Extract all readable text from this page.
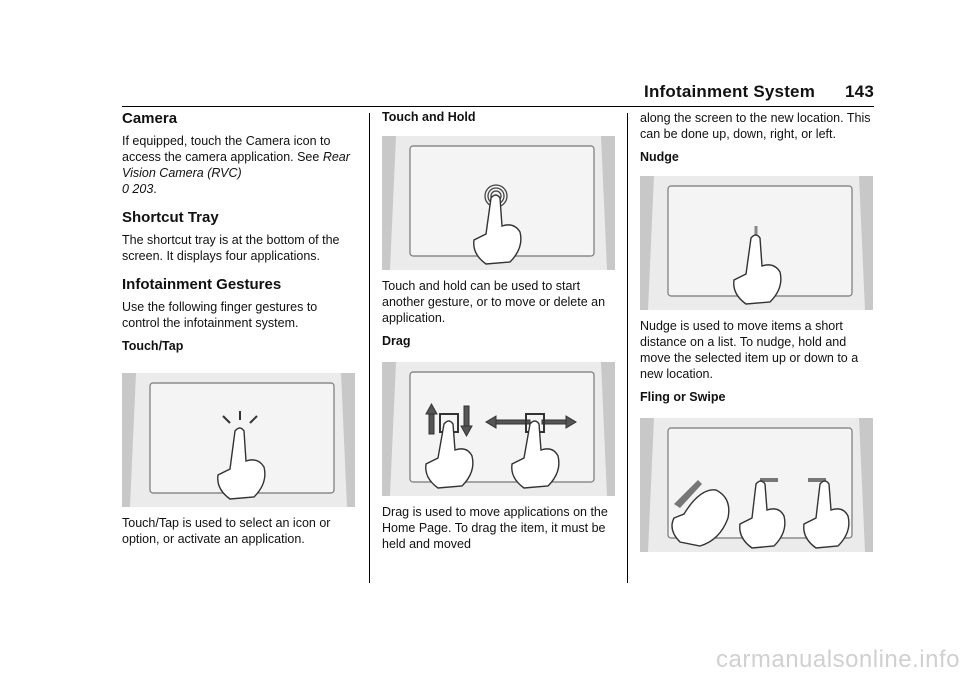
Infotainment System 143
Camera

If equipped, touch the Camera icon to access the camera application. See Rear Vision Camera (RVC)
0 203.

Shortcut Tray

The shortcut tray is at the bottom of the screen. It displays four applications.

Infotainment Gestures

Use the following finger gestures to control the infotainment system.

Touch/Tap

Touch/Tap is used to select an icon or option, or activate an application.

Touch and Hold

Touch and hold can be used to start another gesture, or to move or delete an application.

Drag

Drag is used to move applications on the Home Page. To drag the item, it must be held and moved

along the screen to the new location. This can be done up, down, right, or left.

Nudge

Nudge is used to move items a short distance on a list. To nudge, hold and move the selected item up or down to a new location.

Fling or Swipe
carmanualsonline.info
